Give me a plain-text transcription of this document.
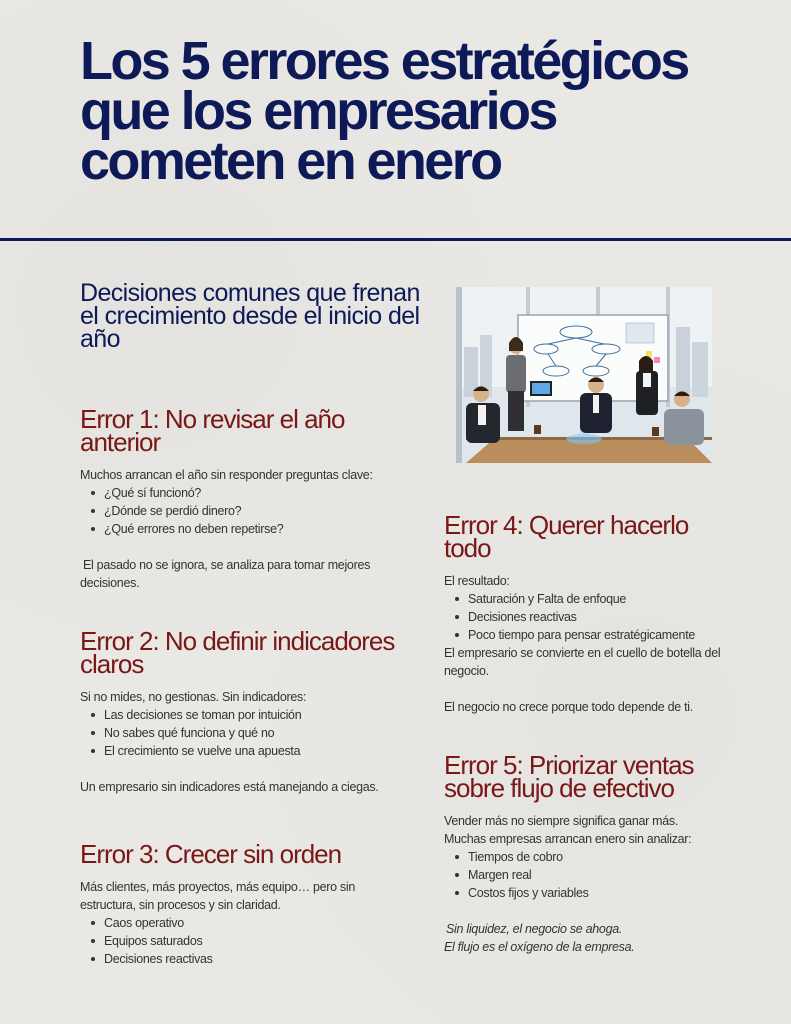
Los 5 errores estratégicos que los empresarios cometen en enero
Decisiones comunes que frenan el crecimiento desde el inicio del año
Error 1: No revisar el año anterior

Muchos arrancan el año sin responder preguntas clave:

¿Qué sí funcionó?
¿Dónde se perdió dinero?
¿Qué errores no deben repetirse?

El pasado no se ignora, se analiza para tomar mejores decisiones.

Error 2: No definir indicadores claros

Si no mides, no gestionas. Sin indicadores:

Las decisiones se toman por intuición
No sabes qué funciona y qué no
El crecimiento se vuelve una apuesta

Un empresario sin indicadores está manejando a ciegas.

Error 3: Crecer sin orden

Más clientes, más proyectos, más equipo… pero sin estructura, sin procesos y sin claridad.

Caos operativo
Equipos saturados
Decisiones reactivas
Error 4: Querer hacerlo todo

El resultado:

Saturación y Falta de enfoque
Decisiones reactivas
Poco tiempo para pensar estratégicamente

El empresario se convierte en el cuello de botella del negocio.

El negocio no crece porque todo depende de ti.

Error 5: Priorizar ventas sobre flujo de efectivo

Vender más no siempre significa ganar más.

Muchas empresas arrancan enero sin analizar:

Tiempos de cobro
Margen real
Costos fijos y variables

Sin liquidez, el negocio se ahoga.

El flujo es el oxígeno de la empresa.
